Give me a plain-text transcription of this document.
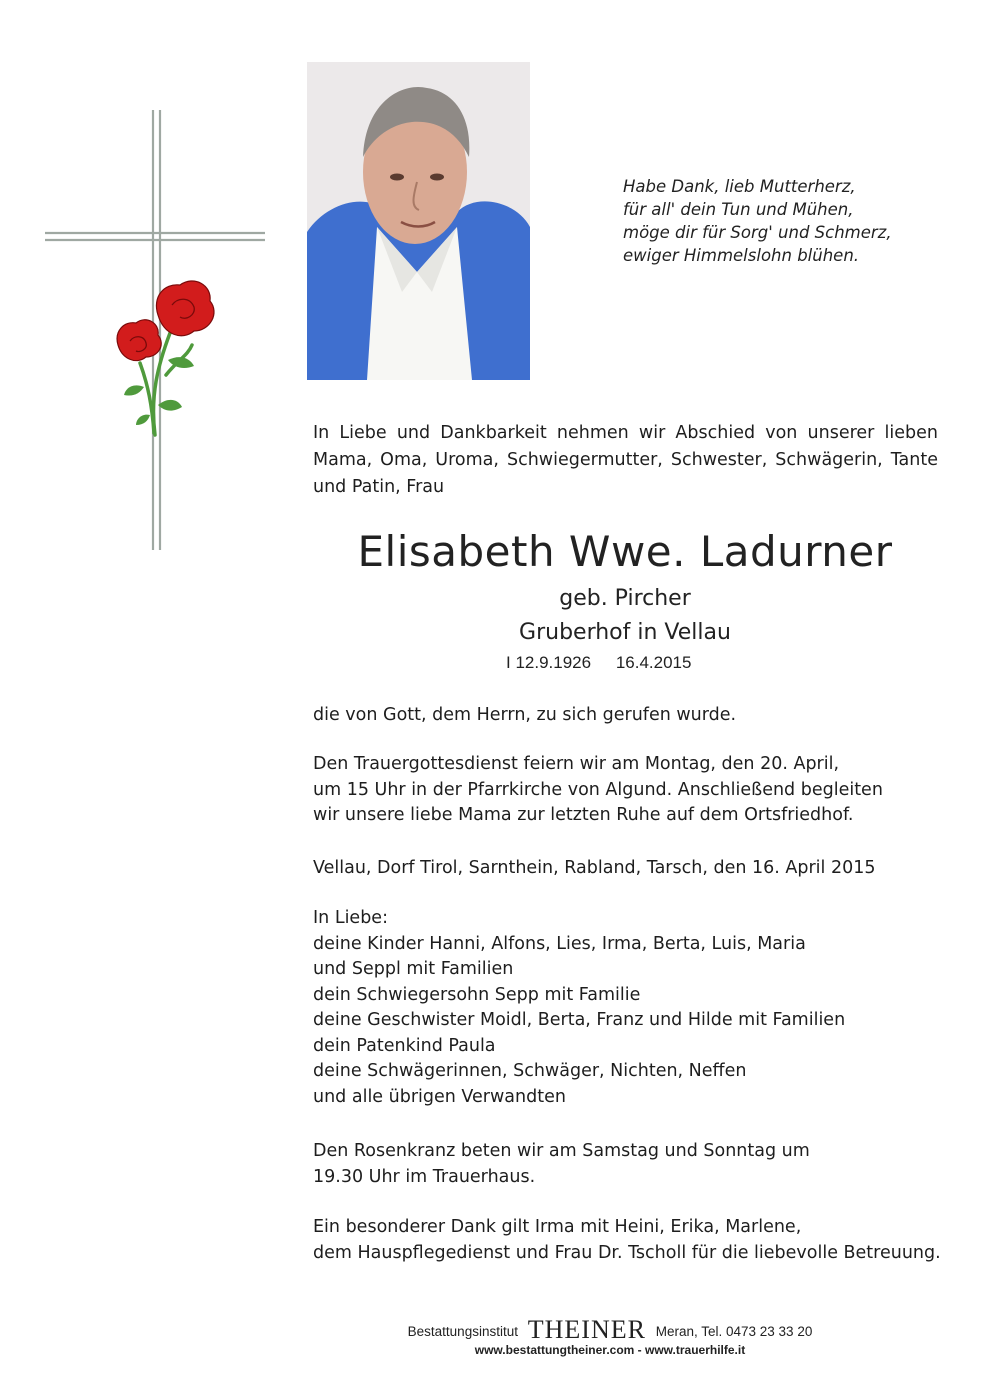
Habe Dank, lieb Mutterherz,
für all' dein Tun und Mühen,
möge dir für Sorg' und Schmerz,
ewiger Himmelslohn blühen.
In Liebe und Dankbarkeit nehmen wir Abschied von unserer lieben Mama, Oma, Uroma, Schwiegermutter, Schwester, Schwägerin, Tante und Patin, Frau
Elisabeth Wwe. Ladurner
geb. Pircher
Gruberhof in Vellau
I 12.9.1926 16.4.2015
die von Gott, dem Herrn, zu sich gerufen wurde.
Den Trauergottesdienst feiern wir am Montag, den 20. April,
um 15 Uhr in der Pfarrkirche von Algund. Anschließend begleiten
wir unsere liebe Mama zur letzten Ruhe auf dem Ortsfriedhof.
Vellau, Dorf Tirol, Sarnthein, Rabland, Tarsch, den 16. April 2015
In Liebe:
deine Kinder Hanni, Alfons, Lies, Irma, Berta, Luis, Maria
und Seppl mit Familien
dein Schwiegersohn Sepp mit Familie
deine Geschwister Moidl, Berta, Franz und Hilde mit Familien
dein Patenkind Paula
deine Schwägerinnen, Schwäger, Nichten, Neffen
und alle übrigen Verwandten
Den Rosenkranz beten wir am Samstag und Sonntag um
19.30 Uhr im Trauerhaus.
Ein besonderer Dank gilt Irma mit Heini, Erika, Marlene,
dem Hauspflegedienst und Frau Dr. Tscholl für die liebevolle Betreuung.
Bestattungsinstitut THEINER Meran, Tel. 0473 23 33 20
www.bestattungtheiner.com - www.trauerhilfe.it
